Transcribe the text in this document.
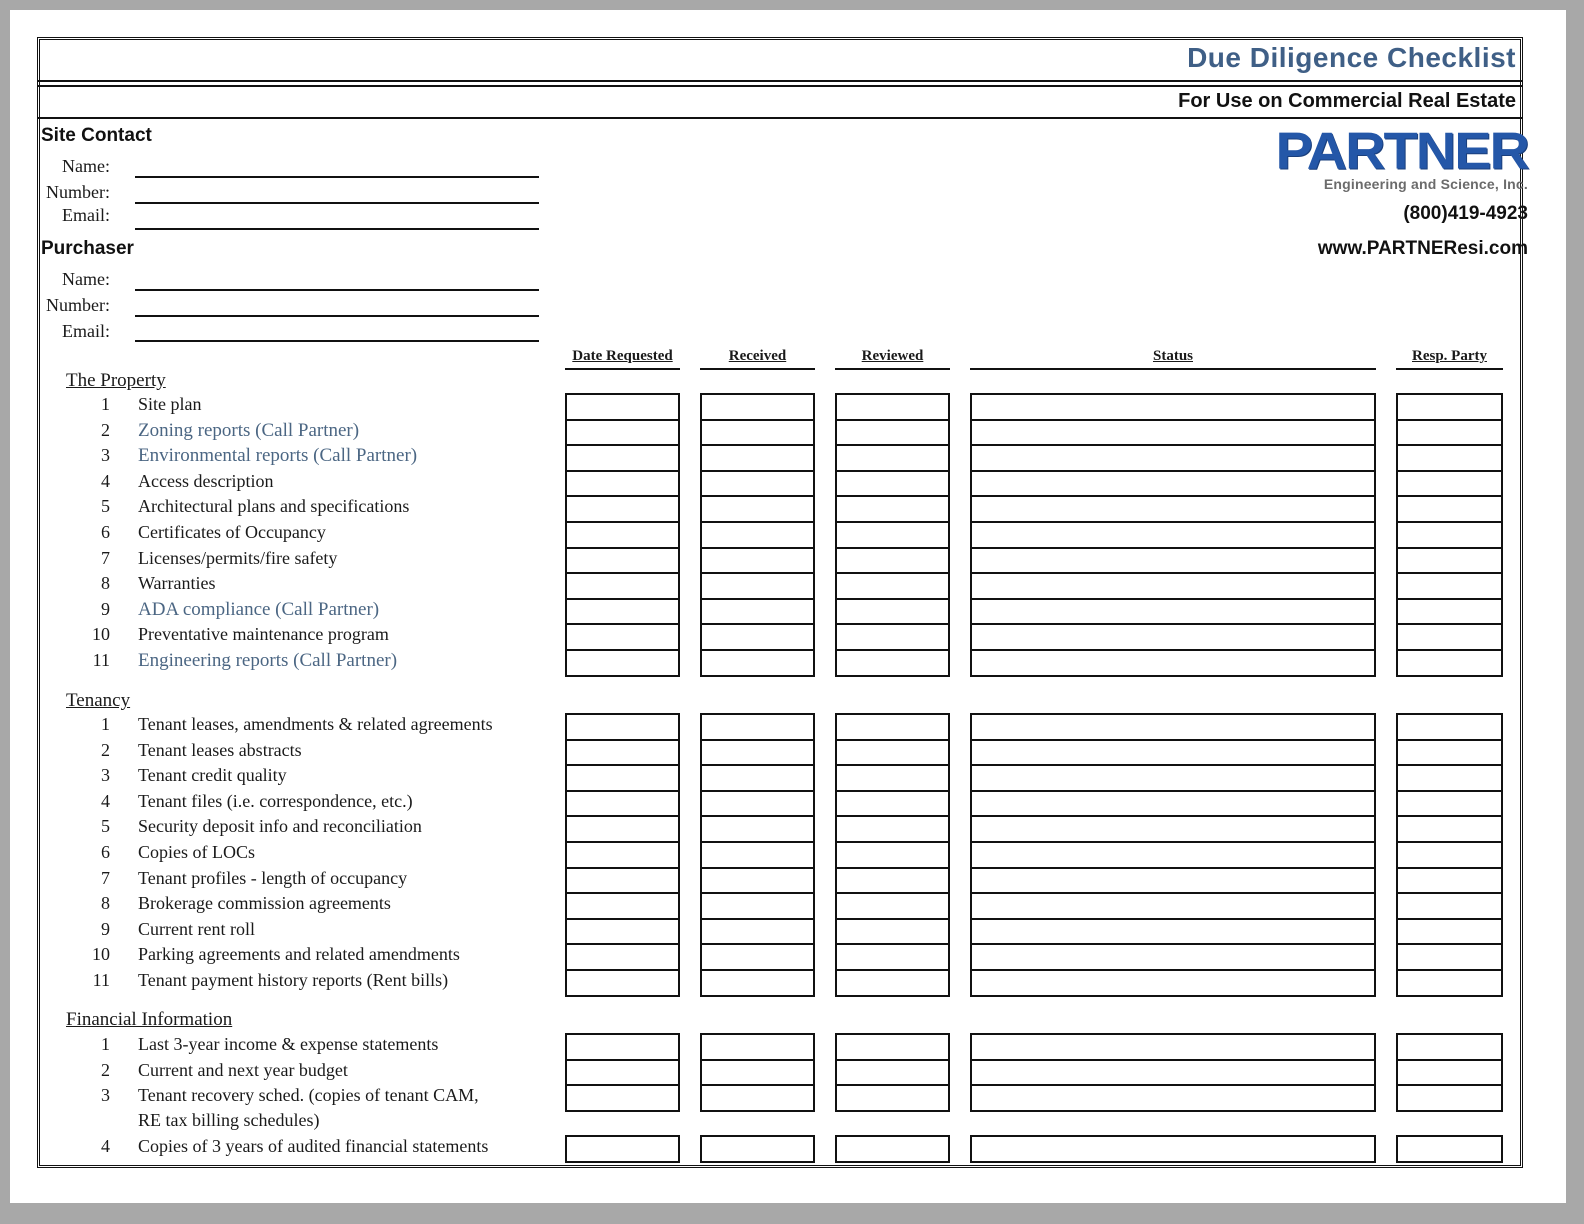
Due Diligence Checklist
For Use on Commercial Real Estate
Site Contact
Name:
Number:
Email:
Purchaser
Name:
Number:
Email:
PARTNER
Engineering and Science, Inc.
(800)419-4923
www.PARTNEResi.com
Date Requested	Received	Reviewed	Status	Resp. Party
The Property
1 Site plan
2 Zoning reports (Call Partner)
3 Environmental reports (Call Partner)
4 Access description
5 Architectural plans and specifications
6 Certificates of Occupancy
7 Licenses/permits/fire safety
8 Warranties
9 ADA compliance (Call Partner)
10 Preventative maintenance program
11 Engineering reports (Call Partner)
Tenancy
1 Tenant leases, amendments & related agreements
2 Tenant leases abstracts
3 Tenant credit quality
4 Tenant files (i.e. correspondence, etc.)
5 Security deposit info and reconciliation
6 Copies of LOCs
7 Tenant profiles - length of occupancy
8 Brokerage commission agreements
9 Current rent roll
10 Parking agreements and related amendments
11 Tenant payment history reports (Rent bills)
Financial Information
1 Last 3-year income & expense statements
2 Current and next year budget
3 Tenant recovery sched. (copies of tenant CAM,
RE tax billing schedules)
4 Copies of 3 years of audited financial statements
